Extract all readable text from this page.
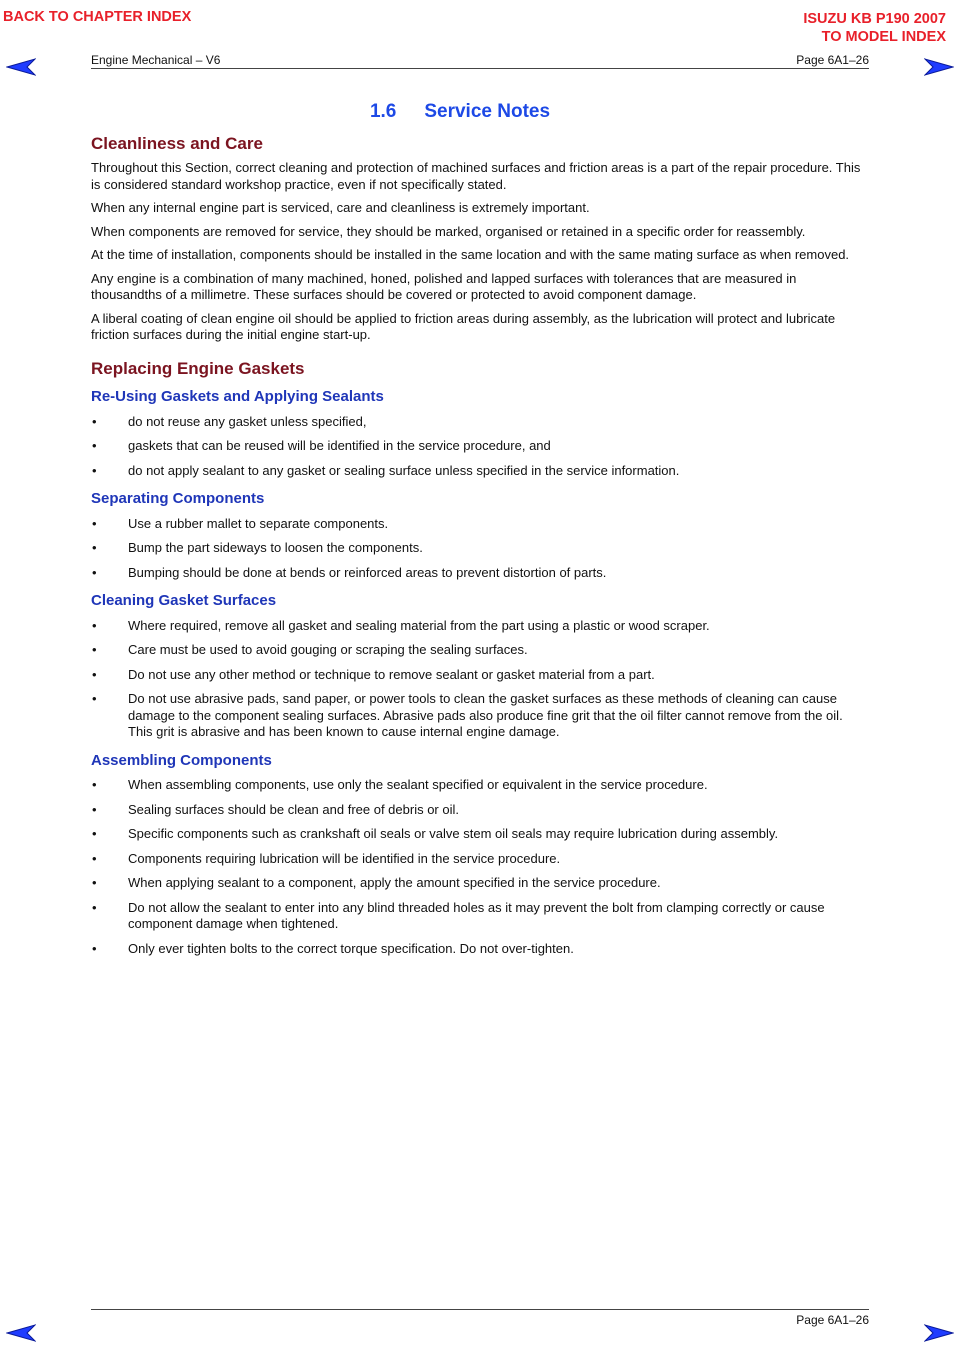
BACK TO CHAPTER INDEX	ISUZU KB P190 2007
TO MODEL INDEX
Engine Mechanical – V6	Page 6A1–26
1.6 Service Notes
Cleanliness and Care

Throughout this Section, correct cleaning and protection of machined surfaces and friction areas is a part of the repair procedure. This is considered standard workshop practice, even if not specifically stated.

When any internal engine part is serviced, care and cleanliness is extremely important.

When components are removed for service, they should be marked, organised or retained in a specific order for reassembly.

At the time of installation, components should be installed in the same location and with the same mating surface as when removed.

Any engine is a combination of many machined, honed, polished and lapped surfaces with tolerances that are measured in thousandths of a millimetre. These surfaces should be covered or protected to avoid component damage.

A liberal coating of clean engine oil should be applied to friction areas during assembly, as the lubrication will protect and lubricate friction surfaces during the initial engine start-up.

Replacing Engine Gaskets
Re-Using Gaskets and Applying Sealants
• do not reuse any gasket unless specified,
• gaskets that can be reused will be identified in the service procedure, and
• do not apply sealant to any gasket or sealing surface unless specified in the service information.
Separating Components
• Use a rubber mallet to separate components.
• Bump the part sideways to loosen the components.
• Bumping should be done at bends or reinforced areas to prevent distortion of parts.
Cleaning Gasket Surfaces
• Where required, remove all gasket and sealing material from the part using a plastic or wood scraper.
• Care must be used to avoid gouging or scraping the sealing surfaces.
• Do not use any other method or technique to remove sealant or gasket material from a part.
• Do not use abrasive pads, sand paper, or power tools to clean the gasket surfaces as these methods of cleaning can cause damage to the component sealing surfaces. Abrasive pads also produce fine grit that the oil filter cannot remove from the oil. This grit is abrasive and has been known to cause internal engine damage.
Assembling Components
• When assembling components, use only the sealant specified or equivalent in the service procedure.
• Sealing surfaces should be clean and free of debris or oil.
• Specific components such as crankshaft oil seals or valve stem oil seals may require lubrication during assembly.
• Components requiring lubrication will be identified in the service procedure.
• When applying sealant to a component, apply the amount specified in the service procedure.
• Do not allow the sealant to enter into any blind threaded holes as it may prevent the bolt from clamping correctly or cause component damage when tightened.
• Only ever tighten bolts to the correct torque specification. Do not over-tighten.
Page 6A1–26
